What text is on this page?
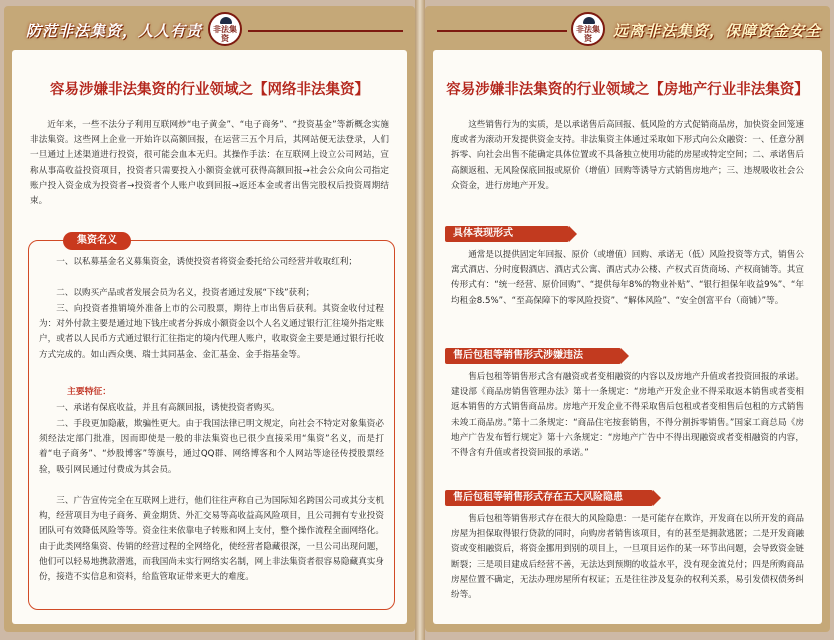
防范非法集资，人人有责	非法集资
容易涉嫌非法集资的行业领域之【网络非法集资】

近年来，一些不法分子利用互联网炒“电子黄金”、“电子商务”、“投资基金”等新概念实施非法集资。这些网上企业一开始许以高额回报，在运营三五个月后，其网站便无法登录，人们一旦通过上述渠道进行投资，很可能会血本无归。其操作手法：在互联网上设立公司网站，宣称从事高收益投资项目，投资者只需要投入小额资金就可获得高额回报→社会公众向公司指定账户投入资金成为投资者→投资者个人账户收到回报→返还本金或者出售完股权后投资周期结束。

集资名义

一、以私募基金名义募集资金，诱使投资者将资金委托给公司经营并收取红利；

二、以购买产品或者发展会员为名义，投资者通过发展“下线”获利；

三、向投资者推销境外准备上市的公司股票，期待上市出售后获利。其资金收付过程为：对外付款主要是通过地下钱庄或者分拆成小额资金以个人名义通过银行汇往境外指定账户，或者以人民币方式通过银行汇往指定的境内代理人账户，收取资金主要是通过银行托收方式完成的。如山西众奥、瑞士其同基金、金汇基金、金手指基金等。

主要特征：

一、承诺有保底收益，并且有高额回报，诱使投资者购买。

二、手段更加隐蔽，欺骗性更大。由于我国法律已明文规定，向社会不特定对象集资必须经法定部门批准，因而即使是一般的非法集资也已很少直接采用“集资”名义，而是打着“电子商务”、“炒股博客”等旗号，通过QQ群、网络博客和个人网站等途径传授股票经验，吸引网民通过付费成为其会员。

三、广告宣传完全在互联网上进行，他们往往声称自己为国际知名跨国公司或其分支机构，经营项目为电子商务、黄金期货、外汇交易等高收益高风险项目，且公司拥有专业投资团队可有效降低风险等等。资金往来依靠电子转账和网上支付，整个操作流程全面网络化。由于此类网络集资、传销的经营过程的全网络化，使经营者隐藏很深，一旦公司出现问题，他们可以轻易地携款潜逃，而我国尚未实行网络实名制，网上非法集资者很容易隐藏真实身份，接造不实信息和资料，给监管取证带来更大的难度。

非法集资	远离非法集资，保障资金安全
容易涉嫌非法集资的行业领域之【房地产行业非法集资】

这些销售行为的实质，是以承诺售后高回报、低风险的方式促销商品房，加快资金回笼速度或者为滚动开发提供资金支持。非法集资主体通过采取如下形式向公众融资：一、任意分割拆零、向社会出售不能确定具体位置或不具备独立使用功能的房屋或特定空间；二、承诺售后高额返租、无风险保底回报或原价（增值）回购等诱导方式销售房地产；三、违规吸收社会公众资金，进行房地产开发。

具体表现形式

通常是以提供固定年回报、原价（或增值）回购、承诺无（低）风险投资等方式，销售公寓式酒店、分时度假酒店、酒店式公寓、酒店式办公楼、产权式百货商场、产权商铺等。其宣传形式有：“统一经营、原价回购”、“提供每年8%的物业补贴”、“银行担保年收益9%”、“年均租金8.5%”、“至高保障下的零风险投资”、“解体风险”、“安全创富平台（商铺）”等。

售后包租等销售形式涉嫌违法

售后包租等销售形式含有融资或者变相融资的内容以及房地产升值或者投资回报的承诺。建设部《商品房销售管理办法》第十一条规定：“房地产开发企业不得采取返本销售或者变相返本销售的方式销售商品房。房地产开发企业不得采取售后包租或者变相售后包租的方式销售未竣工商品房。”第十二条规定：“商品住宅按套销售，不得分割拆零销售。”国家工商总局《房地产广告发布暂行规定》第十六条规定：“房地产广告中不得出现融资或者变相融资的内容，不得含有升值或者投资回报的承诺。”

售后包租等销售形式存在五大风险隐患

售后包租等销售形式存在很大的风险隐患：一是可能存在欺诈，开发商在以所开发的商品房屋为担保取得银行贷款的同时，向购房者销售该项目，有的甚至是拥款逃匿；二是开发商融资或变相融资后，将资金挪用到别的项目上，一旦项目运作的某一环节出问题，会导致资金链断裂；三是项目建成后经营不善，无法达到预期的收益水平，没有现金流兑付；四是所购商品房屋位置不确定，无法办理房屋所有权证；五是往往涉及复杂的权利关系，易引发债权债务纠纷等。
